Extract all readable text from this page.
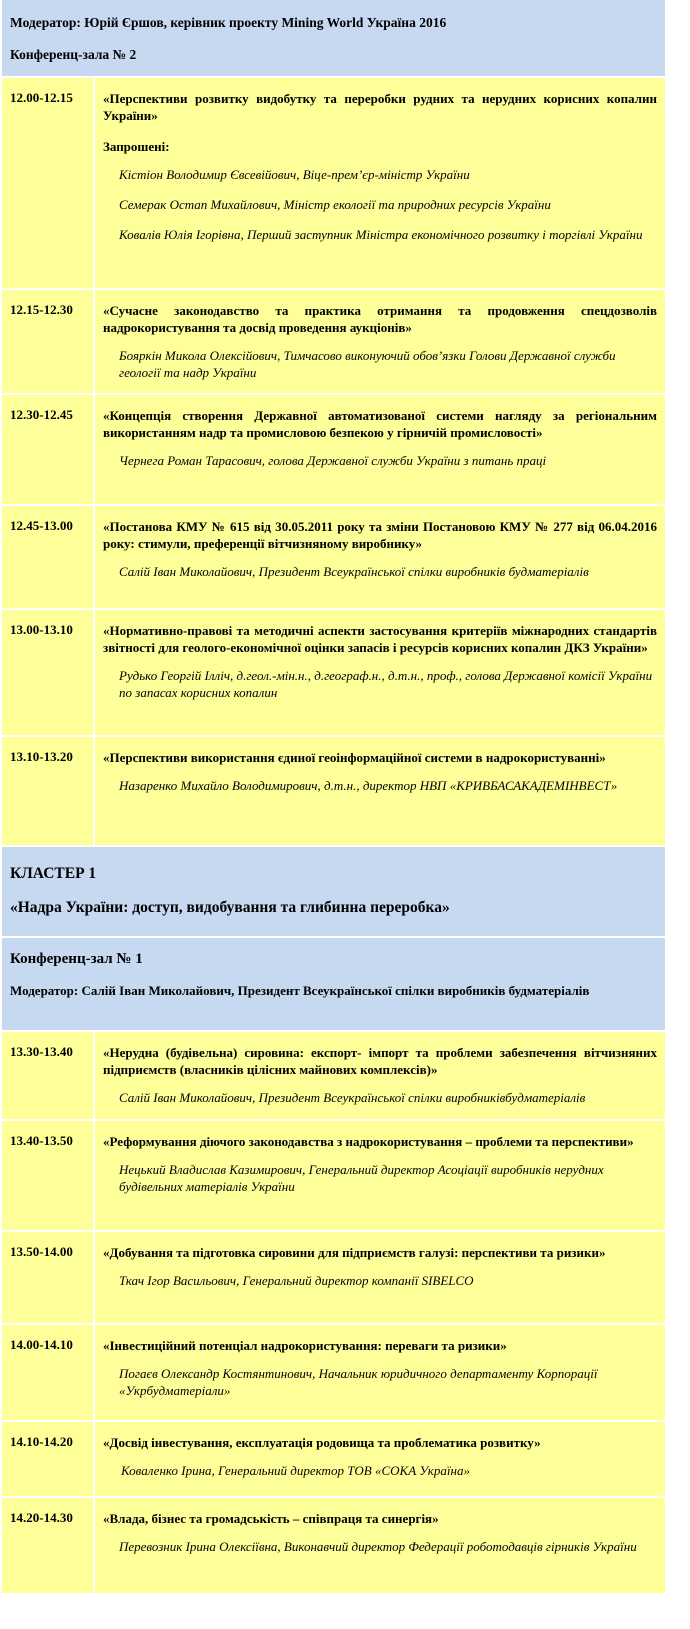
Модератор: Юрій Єршов, керівник проекту Mining World Україна 2016

Конференц-зала № 2

12.00-12.15	«Перспективи розвитку видобутку та переробки рудних та нерудних корисних копалин України»

Запрошені:

Кістіон Володимир Євсевійович, Віце-прем’єр-міністр України

Семерак Остап Михайлович, Міністр екології та природних ресурсів України

Ковалів Юлія Ігорівна, Перший заступник Міністра економічного розвитку і торгівлі України

12.15-12.30	«Сучасне законодавство та практика отримання та продовження спецдозволів надрокористування та досвід проведення аукціонів»

Бояркін Микола Олексійович, Тимчасово виконуючий обов’язки Голови Державної служби геології та надр України

12.30-12.45	«Концепція створення Державної автоматизованої системи нагляду за регіональним використанням надр та промисловою безпекою у гірничій промисловості»

Чернега Роман Тарасович, голова Державної служби України з питань праці

12.45-13.00	«Постанова КМУ № 615 від 30.05.2011 року та зміни Постановою КМУ № 277 від 06.04.2016 року: стимули, преференції вітчизняному виробнику»

Салій Іван Миколайович, Президент Всеукраїнської спілки виробників будматеріалів

13.00-13.10	«Нормативно-правові та методичні аспекти застосування критеріїв міжнародних стандартів звітності для геолого-економічної оцінки запасів і ресурсів корисних копалин ДКЗ України»

Рудько Георгій Ілліч, д.геол.-мін.н., д.географ.н., д.т.н., проф., голова Державної комісії України по запасах корисних копалин

13.10-13.20	«Перспективи використання єдиної геоінформаційної системи в надрокористуванні»

Назаренко Михайло Володимирович, д.т.н., директор НВП «КРИВБАСАКАДЕМІНВЕСТ»

КЛАСТЕР 1

«Надра України: доступ, видобування та глибинна переробка»

Конференц-зал № 1

Модератор: Салій Іван Миколайович, Президент Всеукраїнської спілки виробників будматеріалів

13.30-13.40	«Нерудна (будівельна) сировина: експорт- імпорт та проблеми забезпечення вітчизняних підприємств (власників цілісних майнових комплексів)»

Салій Іван Миколайович, Президент Всеукраїнської спілки виробниківбудматеріалів

13.40-13.50	«Реформування діючого законодавства з надрокористування – проблеми та перспективи»

Нецький Владислав Казимирович, Генеральний директор Асоціації виробників нерудних будівельних матеріалів України

13.50-14.00	«Добування та підготовка сировини для підприємств галузі: перспективи та ризики»

Ткач Ігор Васильович, Генеральний директор компанії SIBELCO

14.00-14.10	«Інвестиційний потенціал надрокористування: переваги та ризики»

Погаєв Олександр Костянтинович, Начальник юридичного департаменту Корпорації «Укрбудматеріали»

14.10-14.20	«Досвід інвестування, експлуатація родовища та проблематика розвитку»

Коваленко Ірина, Генеральний директор ТОВ «СОКА Україна»

14.20-14.30	«Влада, бізнес та громадськість – співпраця та синергія»

Перевозник Ірина Олексіївна, Виконавчий директор Федерації роботодавців гірників України
